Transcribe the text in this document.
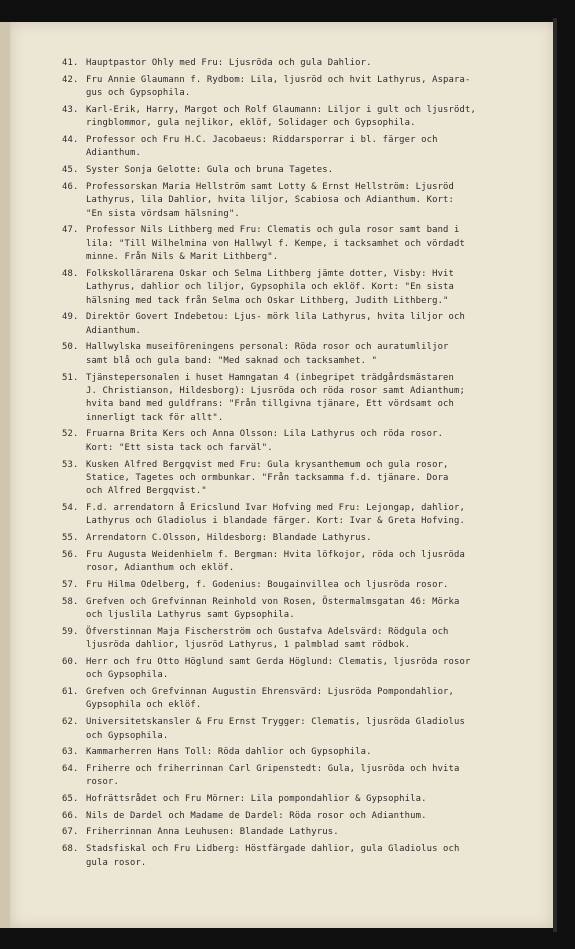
41. Hauptpastor Ohly med Fru: Ljusröda och gula Dahlior.
42. Fru Annie Glaumann f. Rydbom: Lila, ljusröd och hvit Lathyrus, Aspara-
gus och Gypsophila.
43. Karl-Erik, Harry, Margot och Rolf Glaumann: Liljor i gult och ljusrödt,
ringblommor, gula nejlikor, eklöf, Solidager och Gypsophila.
44. Professor och Fru H.C. Jacobaeus: Riddarsporrar i bl. färger och
Adianthum.
45. Syster Sonja Gelotte: Gula och bruna Tagetes.
46. Professorskan Maria Hellström samt Lotty & Ernst Hellström: Ljusröd
Lathyrus, lila Dahlior, hvita liljor, Scabiosa och Adianthum. Kort:
"En sista vördsam hälsning".
47. Professor Nils Lithberg med Fru: Clematis och gula rosor samt band i
lila: "Till Wilhelmina von Hallwyl f. Kempe, i tacksamhet och vördadt
minne. Från Nils & Marit Lithberg".
48. Folkskollärarena Oskar och Selma Lithberg jämte dotter, Visby: Hvit
Lathyrus, dahlior och liljor, Gypsophila och eklöf. Kort: "En sista
hälsning med tack från Selma och Oskar Lithberg, Judith Lithberg."
49. Direktör Govert Indebetou: Ljus- mörk lila Lathyrus, hvita liljor och
Adianthum.
50. Hallwylska museiföreningens personal: Röda rosor och auratumliljor
samt blå och gula band: "Med saknad och tacksamhet. "
51. Tjänstepersonalen i huset Hamngatan 4 (inbegripet trädgårdsmästaren
J. Christianson, Hildesborg): Ljusröda och röda rosor samt Adianthum;
hvita band med guldfrans: "Från tillgivna tjänare, Ett vördsamt och
innerligt tack för allt".
52. Fruarna Brita Kers och Anna Olsson: Lila Lathyrus och röda rosor.
Kort: "Ett sista tack och farväl".
53. Kusken Alfred Bergqvist med Fru: Gula krysanthemum och gula rosor,
Statice, Tagetes och ormbunkar. "Från tacksamma f.d. tjänare. Dora
och Alfred Bergqvist."
54. F.d. arrendatorn å Ericslund Ivar Hofving med Fru: Lejongap, dahlior,
Lathyrus och Gladiolus i blandade färger. Kort: Ivar & Greta Hofving.
55. Arrendatorn C.Olsson, Hildesborg: Blandade Lathyrus.
56. Fru Augusta Weidenhielm f. Bergman: Hvita löfkojor, röda och ljusröda
rosor, Adianthum och eklöf.
57. Fru Hilma Odelberg, f. Godenius: Bougainvillea och ljusröda rosor.
58. Grefven och Grefvinnan Reinhold von Rosen, Östermalmsgatan 46: Mörka
och ljuslila Lathyrus samt Gypsophila.
59. Öfverstinnan Maja Fischerström och Gustafva Adelsvärd: Rödgula och
ljusröda dahlior, ljusröd Lathyrus, 1 palmblad samt rödbok.
60. Herr och fru Otto Höglund samt Gerda Höglund: Clematis, ljusröda rosor
och Gypsophila.
61. Grefven och Grefvinnan Augustin Ehrensvärd: Ljusröda Pompondahlior,
Gypsophila och eklöf.
62. Universitetskansler & Fru Ernst Trygger: Clematis, ljusröda Gladiolus
och Gypsophila.
63. Kammarherren Hans Toll: Röda dahlior och Gypsophila.
64. Friherre och friherrinnan Carl Gripenstedt: Gula, ljusröda och hvita
rosor.
65. Hofrättsrådet och Fru Mörner: Lila pompondahlior & Gypsophila.
66. Nils de Dardel och Madame de Dardel: Röda rosor och Adianthum.
67. Friherrinnan Anna Leuhusen: Blandade Lathyrus.
68. Stadsfiskal och Fru Lidberg: Höstfärgade dahlior, gula Gladiolus och
gula rosor.
